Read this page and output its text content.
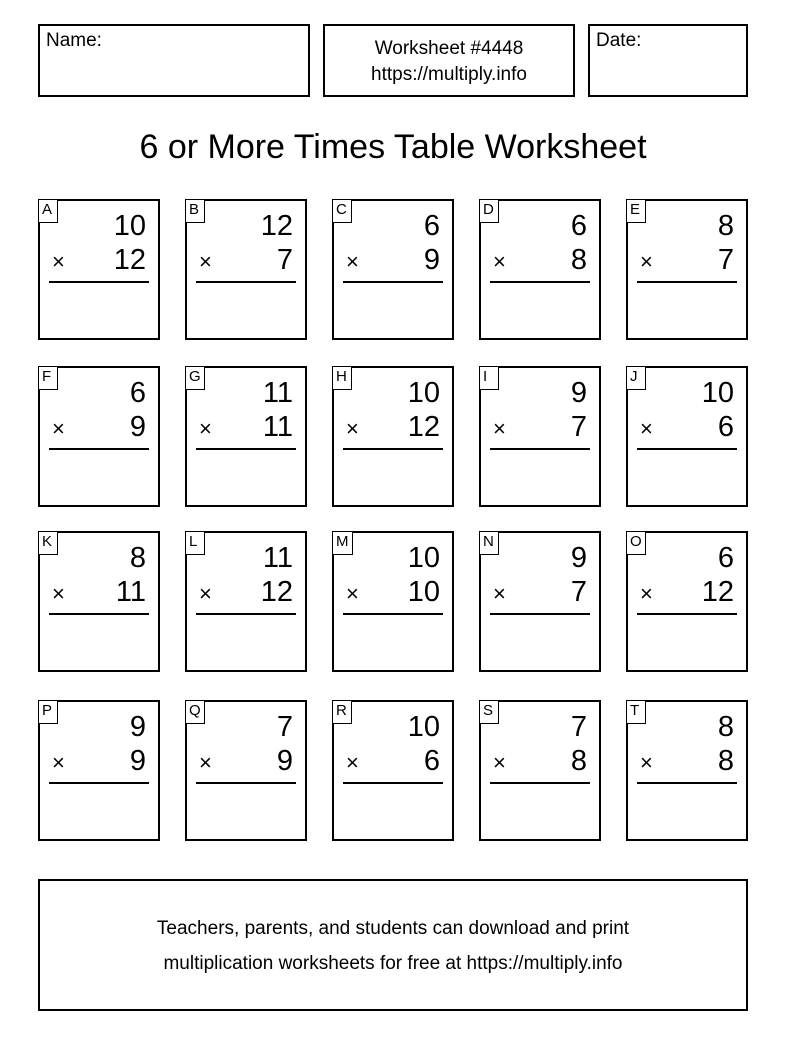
Name:	Worksheet #4448
https://multiply.info
Date:
6 or More Times Table Worksheet
A
10
× 12
B
12
× 7
C
6
× 9
D
6
× 8
E
8
× 7
F
6
× 9
G
11
× 11
H
10
× 12
I
9
× 7
J
10
× 6
K
8
× 11
L
11
× 12
M
10
× 10
N
9
× 7
O
6
× 12
P
9
× 9
Q
7
× 9
R
10
× 6
S
7
× 8
T
8
× 8
Teachers, parents, and students can download and print
multiplication worksheets for free at https://multiply.info
